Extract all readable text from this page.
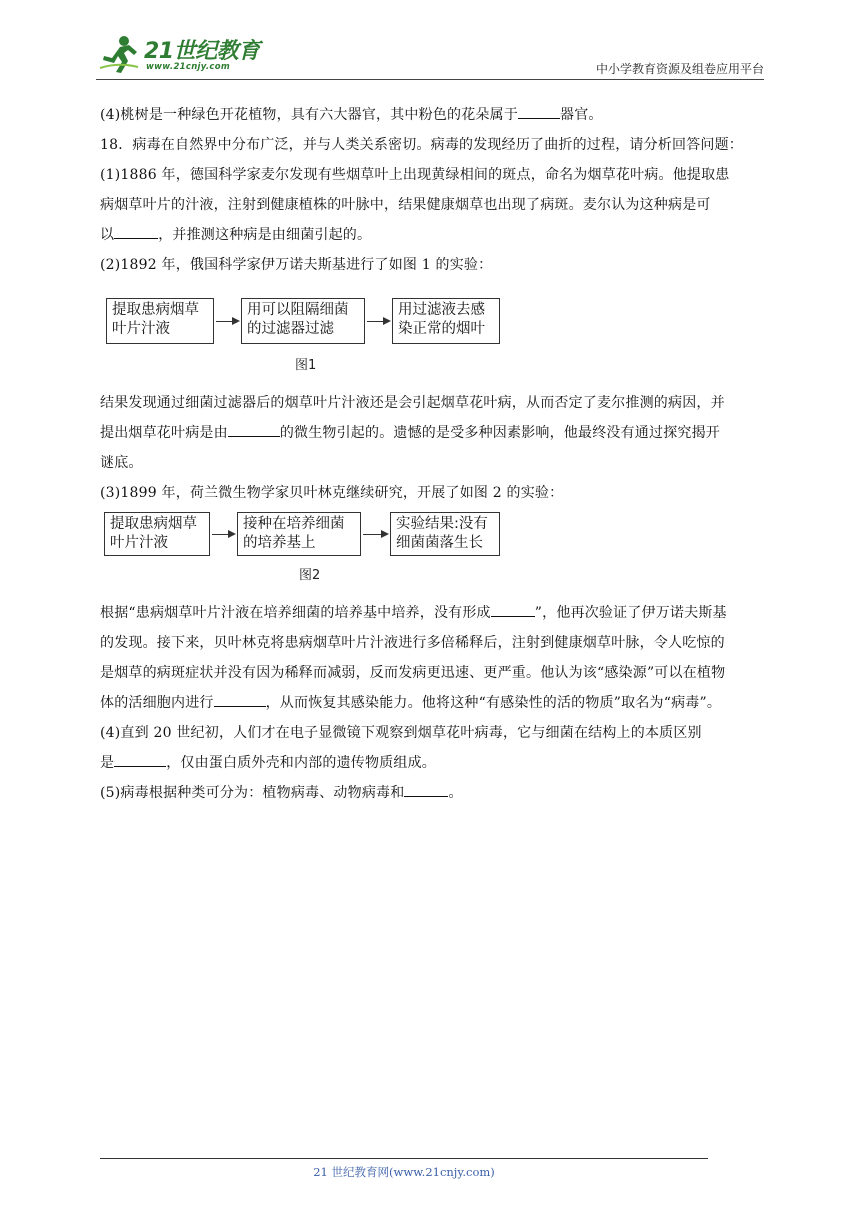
21世纪教育
www.21cnjy.com	中小学教育资源及组卷应用平台

(4)桃树是一种绿色开花植物，具有六大器官，其中粉色的花朵属于	器官。

18．病毒在自然界中分布广泛，并与人类关系密切。病毒的发现经历了曲折的过程，请分析回答问题：

(1)1886 年，德国科学家麦尔发现有些烟草叶上出现黄绿相间的斑点，命名为烟草花叶病。他提取患

病烟草叶片的汁液，注射到健康植株的叶脉中，结果健康烟草也出现了病斑。麦尔认为这种病是可

以	，并推测这种病是由细菌引起的。

(2)1892 年，俄国科学家伊万诺夫斯基进行了如图 1 的实验：

提取患病烟草
叶片汁液
用可以阻隔细菌
的过滤器过滤
用过滤液去感
染正常的烟叶
图1

结果发现通过细菌过滤器后的烟草叶片汁液还是会引起烟草花叶病，从而否定了麦尔推测的病因，并

提出烟草花叶病是由	的微生物引起的。遗憾的是受多种因素影响，他最终没有通过探究揭开

谜底。

(3)1899 年，荷兰微生物学家贝叶林克继续研究，开展了如图 2 的实验：

提取患病烟草
叶片汁液
接种在培养细菌
的培养基上
实验结果:没有
细菌菌落生长
图2

根据“患病烟草叶片汁液在培养细菌的培养基中培养，没有形成	”，他再次验证了伊万诺夫斯基

的发现。接下来，贝叶林克将患病烟草叶片汁液进行多倍稀释后，注射到健康烟草叶脉，令人吃惊的

是烟草的病斑症状并没有因为稀释而减弱，反而发病更迅速、更严重。他认为该“感染源”可以在植物

体的活细胞内进行	，从而恢复其感染能力。他将这种“有感染性的活的物质”取名为“病毒”。

(4)直到 20 世纪初，人们才在电子显微镜下观察到烟草花叶病毒，它与细菌在结构上的本质区别

是	，仅由蛋白质外壳和内部的遗传物质组成。

(5)病毒根据种类可分为：植物病毒、动物病毒和	。

21 世纪教育网(www.21cnjy.com)
